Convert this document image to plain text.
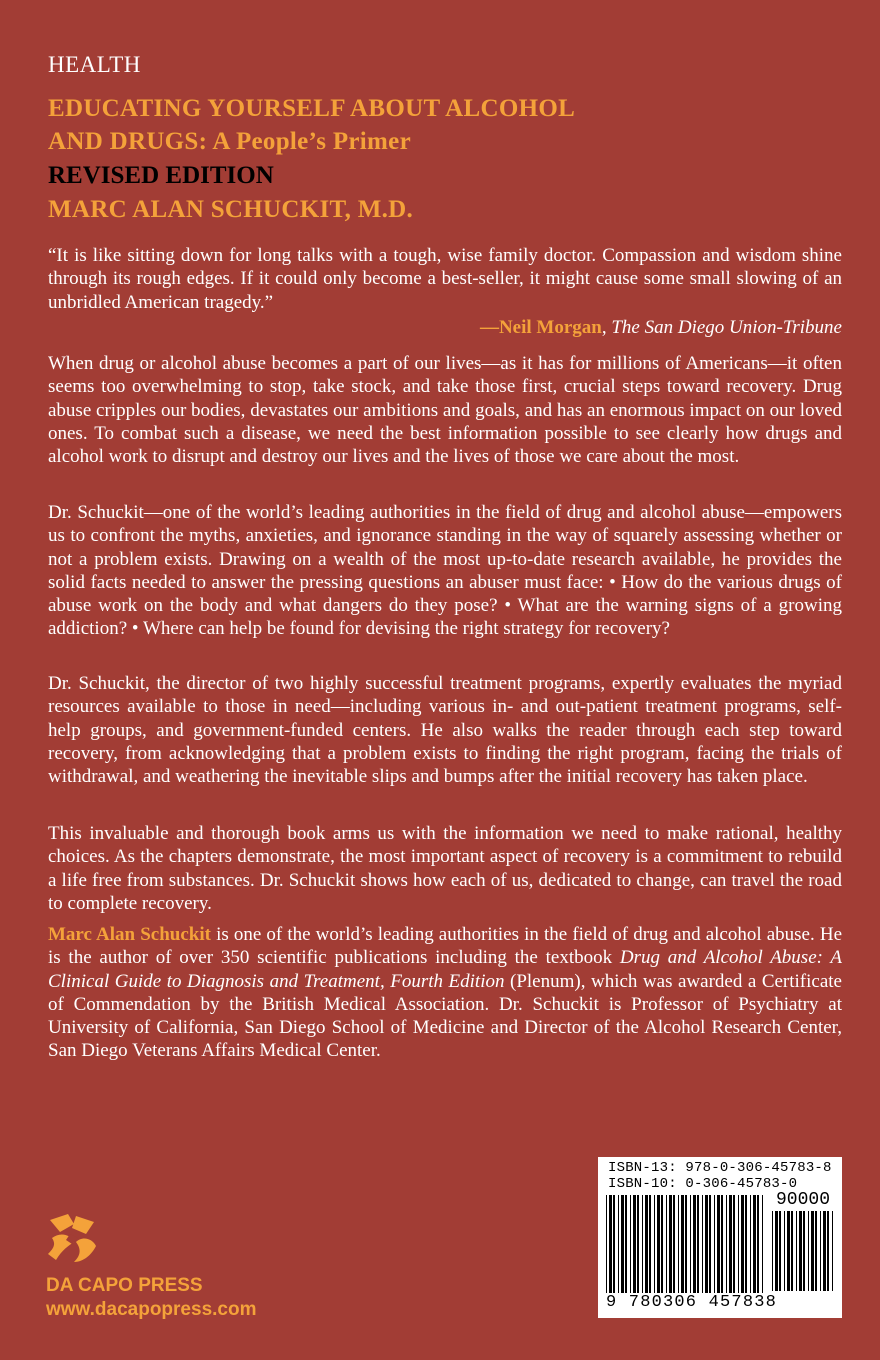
HEALTH
EDUCATING YOURSELF ABOUT ALCOHOL
AND DRUGS: A People’s Primer
REVISED EDITION
MARC ALAN SCHUCKIT, M.D.
“It is like sitting down for long talks with a tough, wise family doctor. Compassion and wisdom shine through its rough edges. If it could only become a best-seller, it might cause some small slowing of an unbridled American tragedy.”
—Neil Morgan, The San Diego Union-Tribune
When drug or alcohol abuse becomes a part of our lives—as it has for millions of Americans—it often seems too overwhelming to stop, take stock, and take those first, crucial steps toward recovery. Drug abuse cripples our bodies, devastates our ambitions and goals, and has an enormous impact on our loved ones. To combat such a disease, we need the best information possible to see clearly how drugs and alcohol work to disrupt and destroy our lives and the lives of those we care about the most.
Dr. Schuckit—one of the world’s leading authorities in the field of drug and alcohol abuse—empowers us to confront the myths, anxieties, and ignorance standing in the way of squarely assessing whether or not a problem exists. Drawing on a wealth of the most up-to-date research available, he provides the solid facts needed to answer the pressing questions an abuser must face: • How do the various drugs of abuse work on the body and what dangers do they pose? • What are the warning signs of a growing addiction? • Where can help be found for devising the right strategy for recovery?
Dr. Schuckit, the director of two highly successful treatment programs, expertly evaluates the myriad resources available to those in need—including various in- and out-patient treatment programs, self-help groups, and government-funded centers. He also walks the reader through each step toward recovery, from acknowledging that a problem exists to finding the right program, facing the trials of withdrawal, and weathering the inevitable slips and bumps after the initial recovery has taken place.
This invaluable and thorough book arms us with the information we need to make rational, healthy choices. As the chapters demonstrate, the most important aspect of recovery is a commitment to rebuild a life free from substances. Dr. Schuckit shows how each of us, dedicated to change, can travel the road to complete recovery.
Marc Alan Schuckit is one of the world’s leading authorities in the field of drug and alcohol abuse. He is the author of over 350 scientific publications including the textbook Drug and Alcohol Abuse: A Clinical Guide to Diagnosis and Treatment, Fourth Edition (Plenum), which was awarded a Certificate of Commendation by the British Medical Association. Dr. Schuckit is Professor of Psychiatry at University of California, San Diego School of Medicine and Director of the Alcohol Research Center, San Diego Veterans Affairs Medical Center.
DA CAPO PRESS
www.dacapopress.com
ISBN-13: 978-0-306-45783-8
ISBN-10: 0-306-45783-0
90000
9 780306 457838
